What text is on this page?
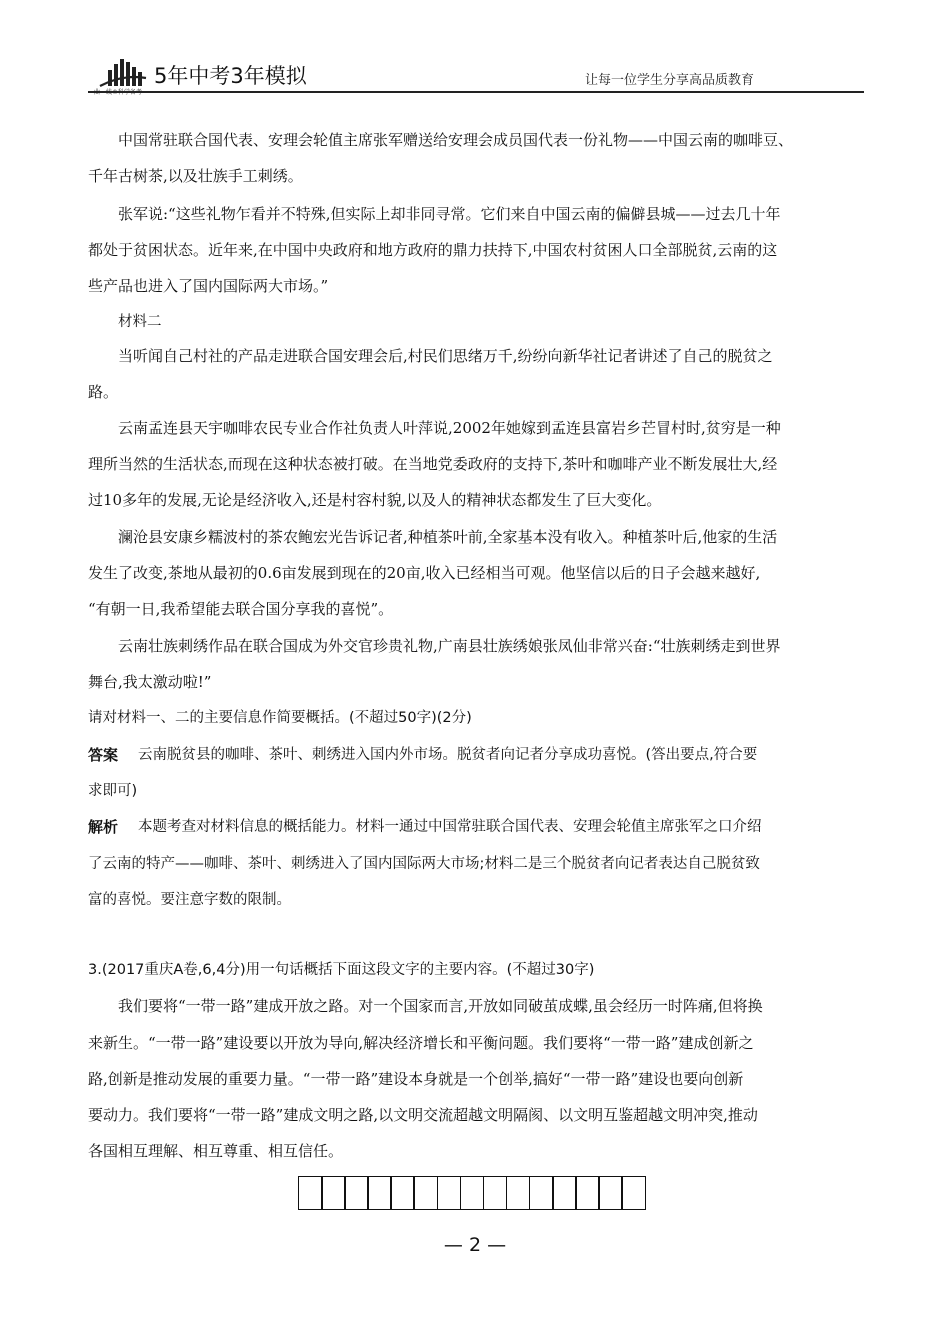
5年中考3年模拟	让每一位学生分享高品质教育
中国常驻联合国代表、安理会轮值主席张军赠送给安理会成员国代表一份礼物——中国云南的咖啡豆、
千年古树茶,以及壮族手工刺绣。
张军说:“这些礼物乍看并不特殊,但实际上却非同寻常。它们来自中国云南的偏僻县城——过去几十年
都处于贫困状态。近年来,在中国中央政府和地方政府的鼎力扶持下,中国农村贫困人口全部脱贫,云南的这
些产品也进入了国内国际两大市场。”
材料二
当听闻自己村社的产品走进联合国安理会后,村民们思绪万千,纷纷向新华社记者讲述了自己的脱贫之
路。
云南孟连县天宇咖啡农民专业合作社负责人叶萍说,2002年她嫁到孟连县富岩乡芒冒村时,贫穷是一种
理所当然的生活状态,而现在这种状态被打破。在当地党委政府的支持下,茶叶和咖啡产业不断发展壮大,经
过10多年的发展,无论是经济收入,还是村容村貌,以及人的精神状态都发生了巨大变化。
澜沧县安康乡糯波村的茶农鲍宏光告诉记者,种植茶叶前,全家基本没有收入。种植茶叶后,他家的生活
发生了改变,茶地从最初的0.6亩发展到现在的20亩,收入已经相当可观。他坚信以后的日子会越来越好,
“有朝一日,我希望能去联合国分享我的喜悦”。
云南壮族刺绣作品在联合国成为外交官珍贵礼物,广南县壮族绣娘张凤仙非常兴奋:“壮族刺绣走到世界
舞台,我太激动啦!”
请对材料一、二的主要信息作简要概括。(不超过50字)(2分)
答案 云南脱贫县的咖啡、茶叶、刺绣进入国内外市场。脱贫者向记者分享成功喜悦。(答出要点,符合要
求即可)
解析 本题考查对材料信息的概括能力。材料一通过中国常驻联合国代表、安理会轮值主席张军之口介绍
了云南的特产——咖啡、茶叶、刺绣进入了国内国际两大市场;材料二是三个脱贫者向记者表达自己脱贫致
富的喜悦。要注意字数的限制。
3.(2017重庆A卷,6,4分)用一句话概括下面这段文字的主要内容。(不超过30字)
我们要将“一带一路”建成开放之路。对一个国家而言,开放如同破茧成蝶,虽会经历一时阵痛,但将换
来新生。“一带一路”建设要以开放为导向,解决经济增长和平衡问题。我们要将“一带一路”建成创新之
路,创新是推动发展的重要力量。“一带一路”建设本身就是一个创举,搞好“一带一路”建设也要向创新
要动力。我们要将“一带一路”建成文明之路,以文明交流超越文明隔阂、以文明互鉴超越文明冲突,推动
各国相互理解、相互尊重、相互信任。
— 2 —
